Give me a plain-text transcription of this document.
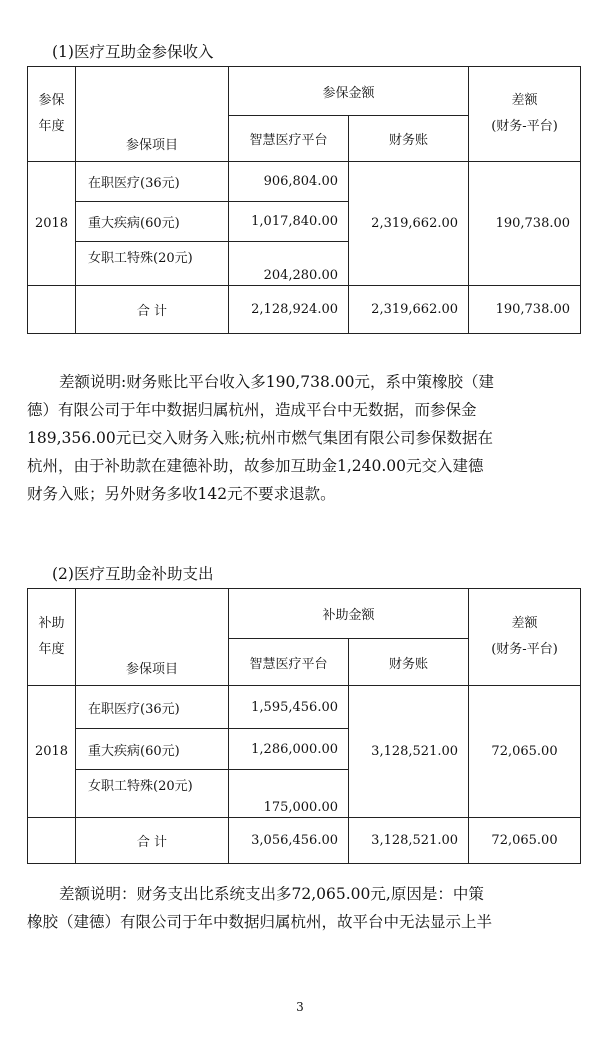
(1)医疗互助金参保收入
参保
年度	参保项目	参保金额		差额
(财务-平台)

		智慧医疗平台	财务账	
2018	在职医疗(36元)	906,804.00	2,319,662.00	190,738.00
	重大疾病(60元)	1,017,840.00		
	女职工特殊(20元)	204,280.00		
	合 计	2,128,924.00	2,319,662.00	190,738.00
差额说明:财务账比平台收入多190,738.00元，系中策橡胶（建
德）有限公司于年中数据归属杭州，造成平台中无数据，而参保金
189,356.00元已交入财务入账;杭州市燃气集团有限公司参保数据在
杭州，由于补助款在建德补助，故参加互助金1,240.00元交入建德
财务入账；另外财务多收142元不要求退款。
(2)医疗互助金补助支出
补助
年度	参保项目	补助金额		差额
(财务-平台)

		智慧医疗平台	财务账	
2018	在职医疗(36元)	1,595,456.00	3,128,521.00	72,065.00
	重大疾病(60元)	1,286,000.00		
	女职工特殊(20元)	175,000.00		
	合 计	3,056,456.00	3,128,521.00	72,065.00
差额说明：财务支出比系统支出多72,065.00元,原因是：中策
橡胶（建德）有限公司于年中数据归属杭州，故平台中无法显示上半
3
